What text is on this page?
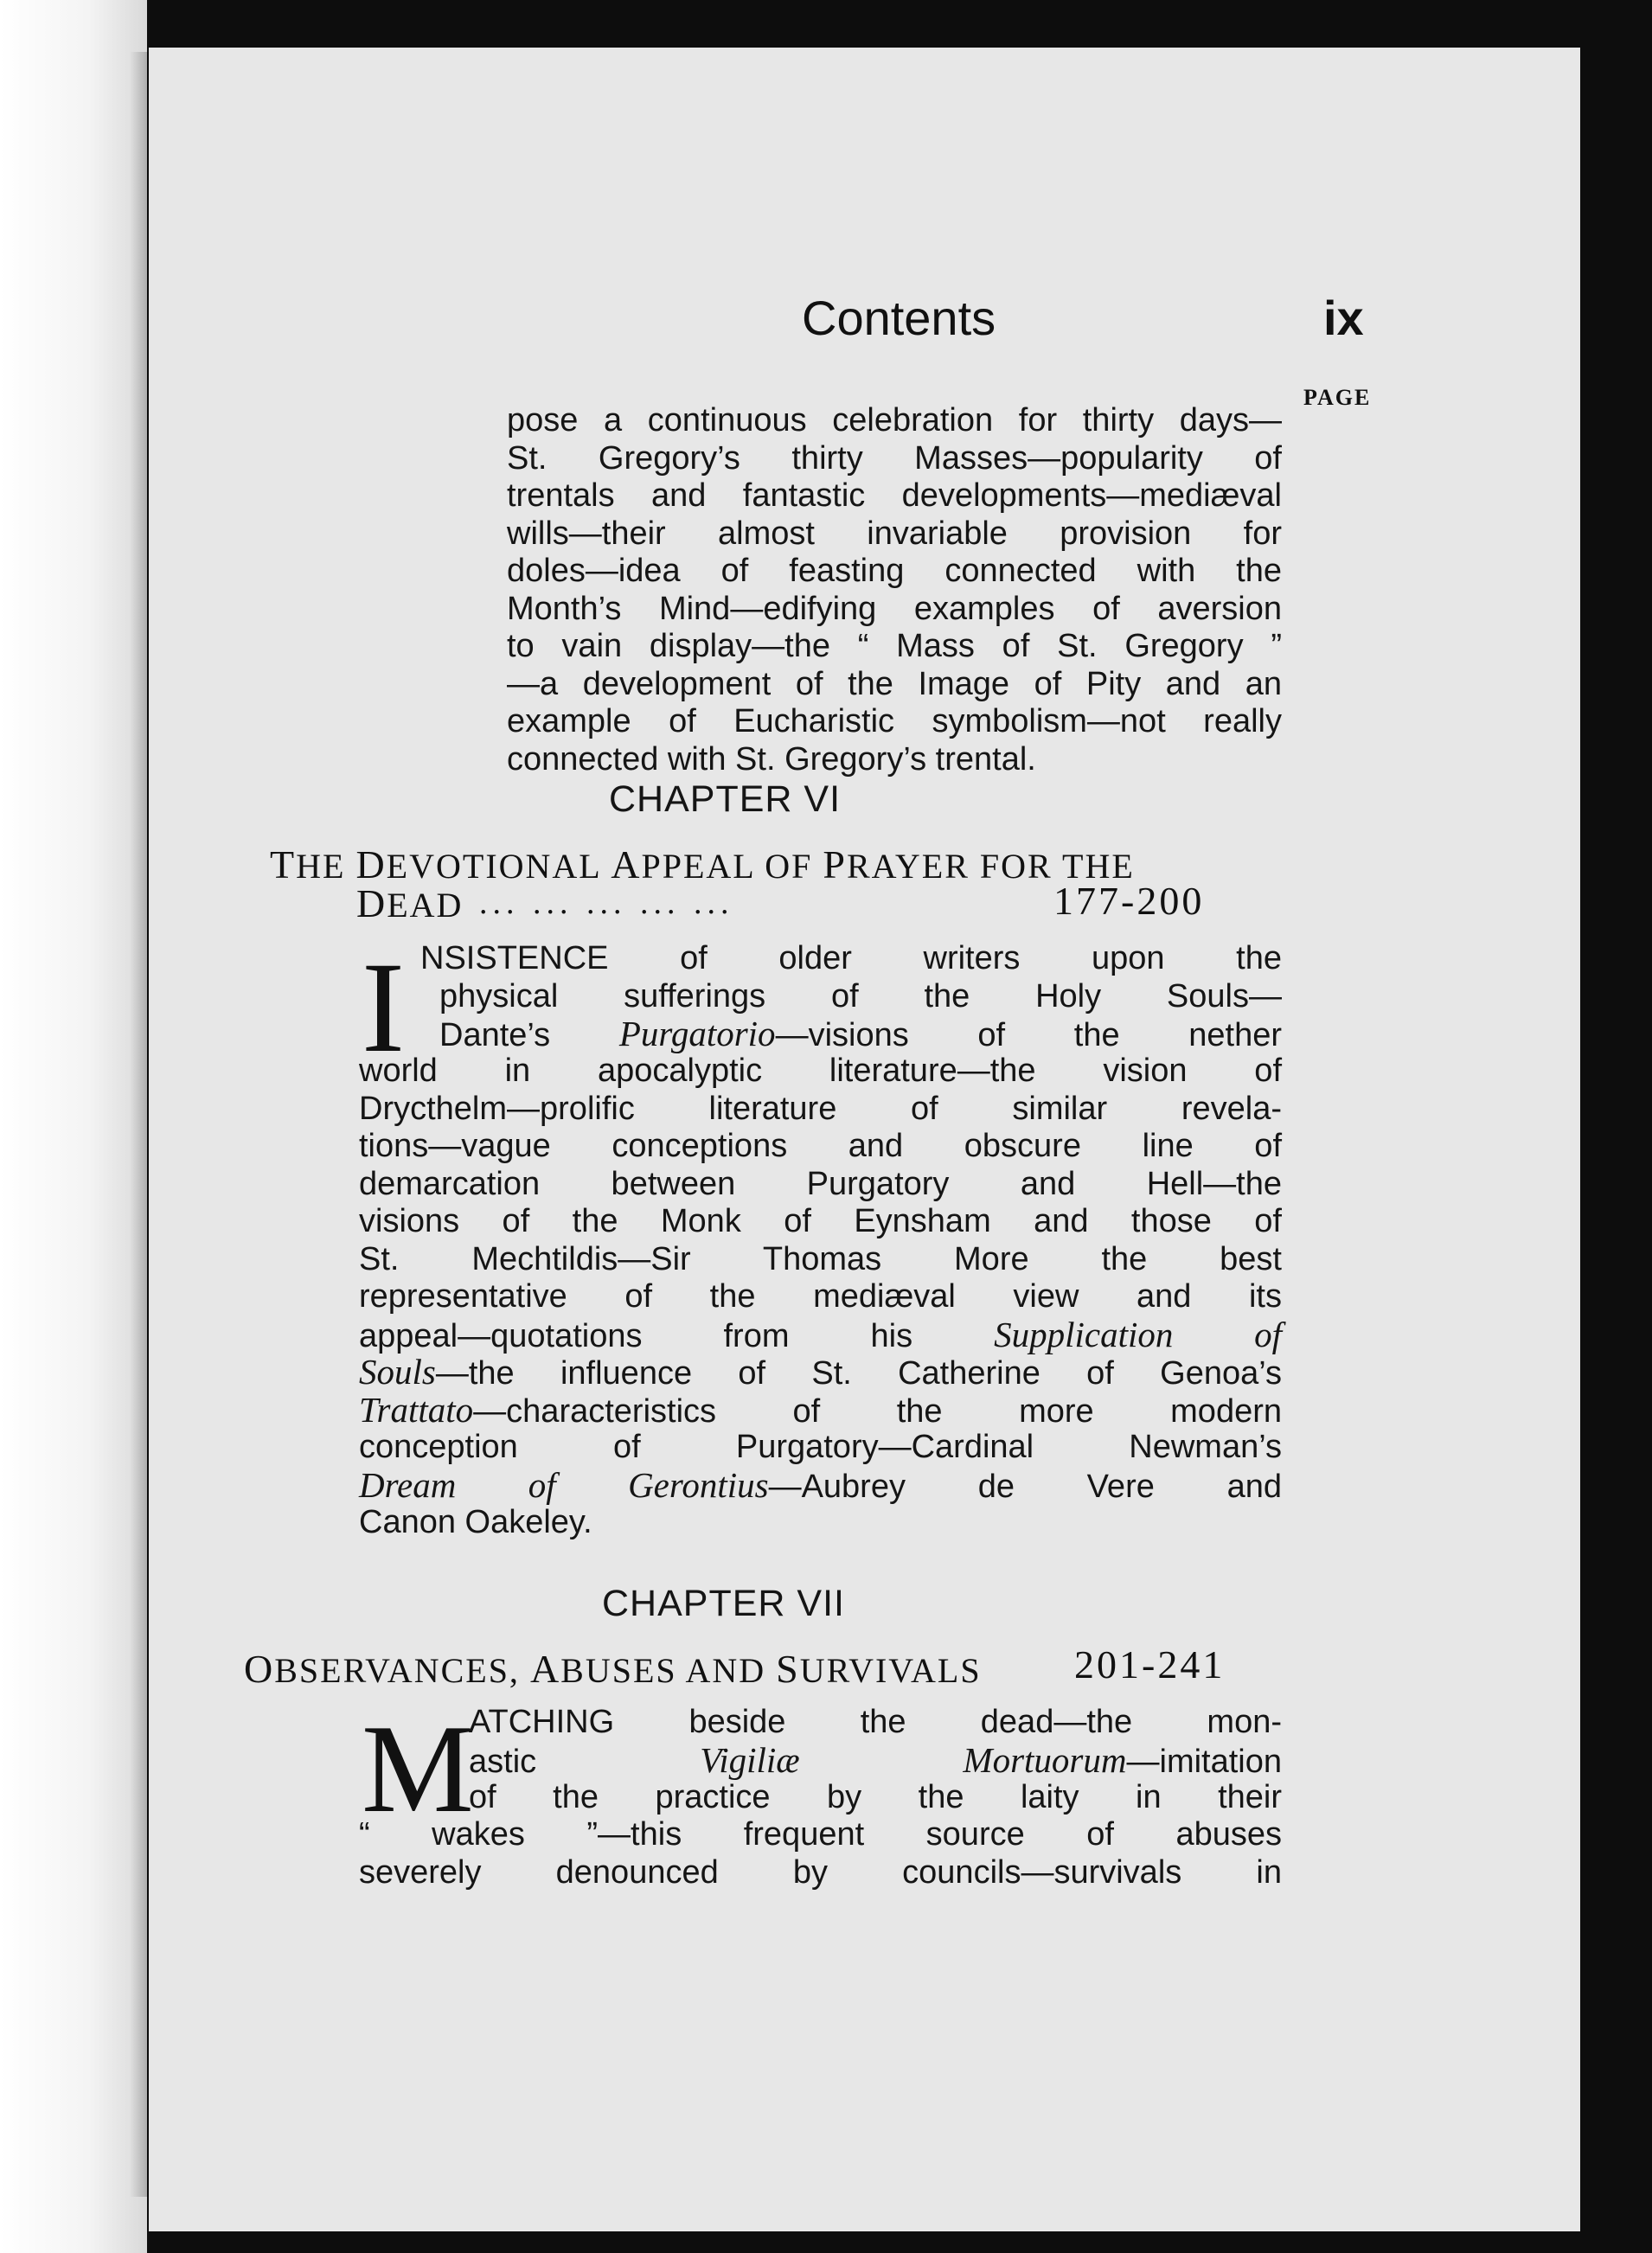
Contents	ix
PAGE
pose a continuous celebration for thirty days—
St. Gregory’s thirty Masses—popularity of
trentals and fantastic developments—mediæval
wills—their almost invariable provision for
doles—idea of feasting connected with the
Month’s Mind—edifying examples of aversion
to vain display—the “ Mass of St. Gregory ”
—a development of the Image of Pity and an
example of Eucharistic symbolism—not really
connected with St. Gregory’s trental.
CHAPTER VI
THE DEVOTIONAL APPEAL OF PRAYER FOR THE
DEAD ... ... ... ... ...	177-200
I NSISTENCE of older writers upon the
physical sufferings of the Holy Souls—
Dante’s Purgatorio—visions of the nether
world in apocalyptic literature—the vision of
Drycthelm—prolific literature of similar revela-
tions—vague conceptions and obscure line of
demarcation between Purgatory and Hell—the
visions of the Monk of Eynsham and those of
St. Mechtildis—Sir Thomas More the best
representative of the mediæval view and its
appeal—quotations from his Supplication of
Souls—the influence of St. Catherine of Genoa’s
Trattato—characteristics of the more modern
conception of Purgatory—Cardinal Newman’s
Dream of Gerontius—Aubrey de Vere and
Canon Oakeley.
CHAPTER VII
OBSERVANCES, ABUSES AND SURVIVALS 201-241
M
ATCHING beside the dead—the mon-
astic Vigiliæ Mortuorum—imitation
of the practice by the laity in their
“ wakes ”—this frequent source of abuses
severely denounced by councils—survivals in
